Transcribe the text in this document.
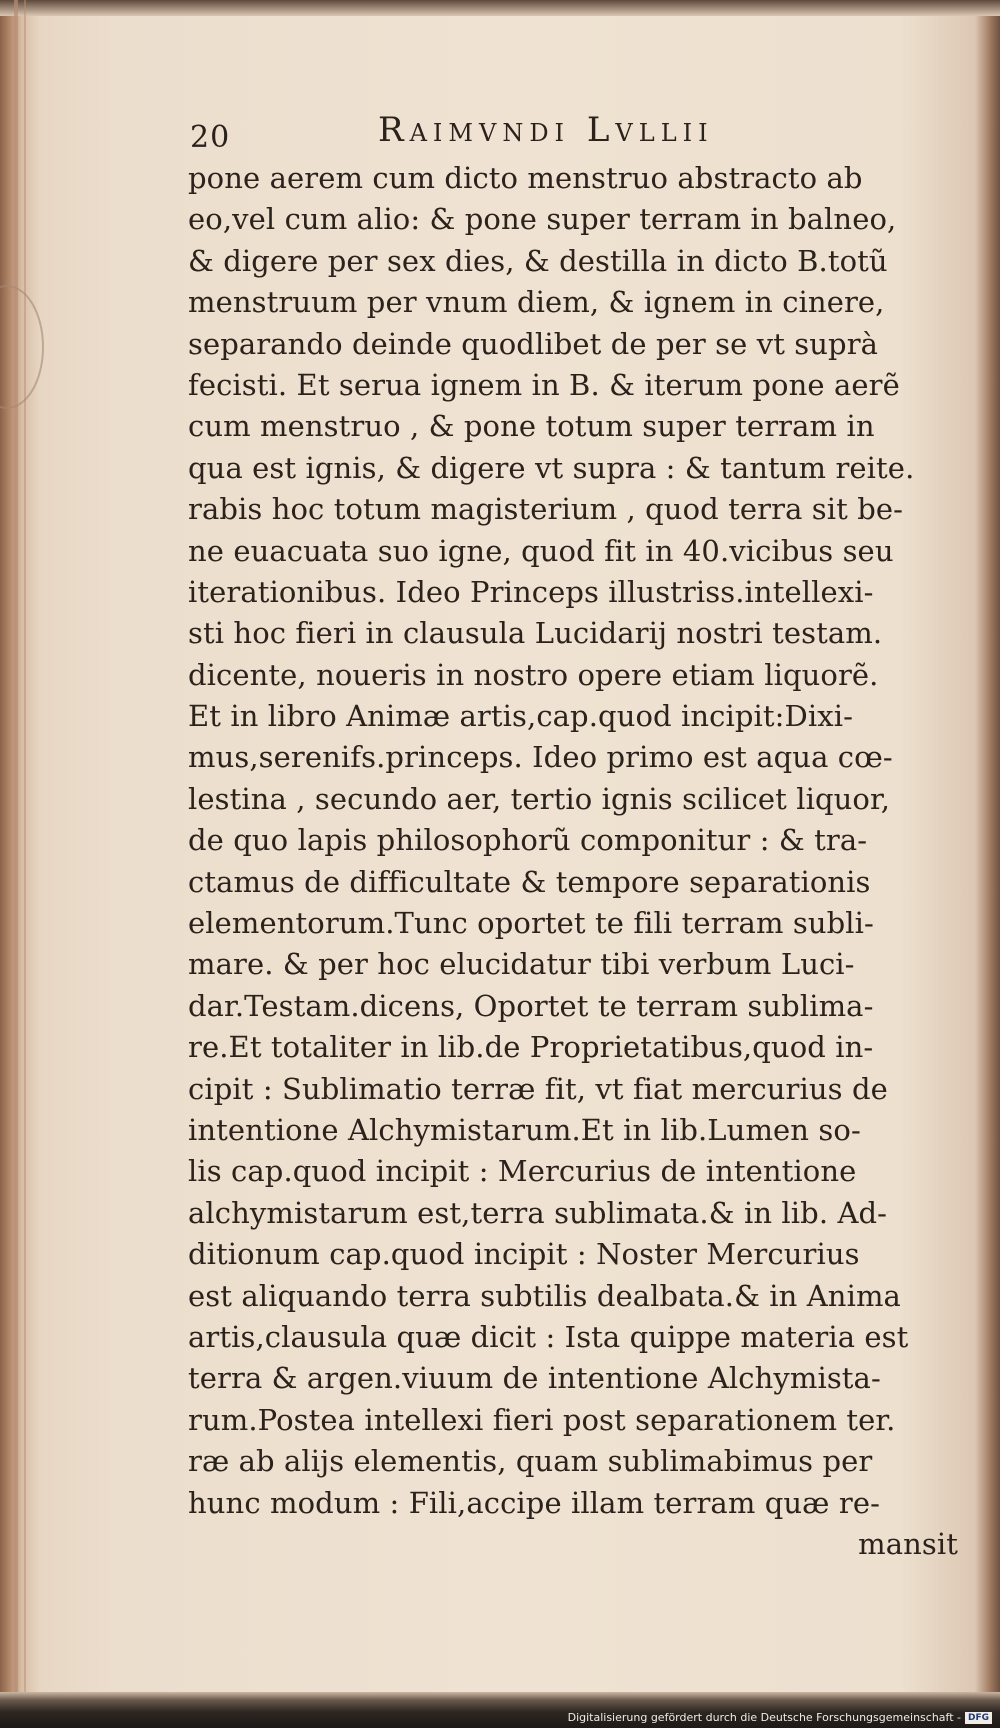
20	Raimvndi Lvllii
pone aerem cum dicto menstruo abstracto ab
eo,vel cum alio: & pone super terram in balneo,
& digere per sex dies, & destilla in dicto B.totũ
menstruum per vnum diem, & ignem in cinere,
separando deinde quodlibet de per se vt suprà
fecisti. Et serua ignem in B. & iterum pone aerẽ
cum menstruo , & pone totum super terram in
qua est ignis, & digere vt supra : & tantum reite.
rabis hoc totum magisterium , quod terra sit be-
ne euacuata suo igne, quod fit in 40.vicibus seu
iterationibus. Ideo Princeps illustriss.intellexi-
sti hoc fieri in clausula Lucidarij nostri testam.
dicente, noueris in nostro opere etiam liquorẽ.
Et in libro Animæ artis,cap.quod incipit:Dixi-
mus,serenifs.princeps. Ideo primo est aqua cœ-
lestina , secundo aer, tertio ignis scilicet liquor,
de quo lapis philosophorũ componitur : & tra-
ctamus de difficultate & tempore separationis
elementorum.Tunc oportet te fili terram subli-
mare. & per hoc elucidatur tibi verbum Luci-
dar.Testam.dicens, Oportet te terram sublima-
re.Et totaliter in lib.de Proprietatibus,quod in-
cipit : Sublimatio terræ fit, vt fiat mercurius de
intentione Alchymistarum.Et in lib.Lumen so-
lis cap.quod incipit : Mercurius de intentione
alchymistarum est,terra sublimata.& in lib. Ad-
ditionum cap.quod incipit : Noster Mercurius
est aliquando terra subtilis dealbata.& in Anima
artis,clausula quæ dicit : Ista quippe materia est
terra & argen.viuum de intentione Alchymista-
rum.Postea intellexi fieri post separationem ter.
ræ ab alijs elementis, quam sublimabimus per
hunc modum : Fili,accipe illam terram quæ re-
mansit
Digitalisierung gefördert durch die Deutsche Forschungsgemeinschaft - DFG
